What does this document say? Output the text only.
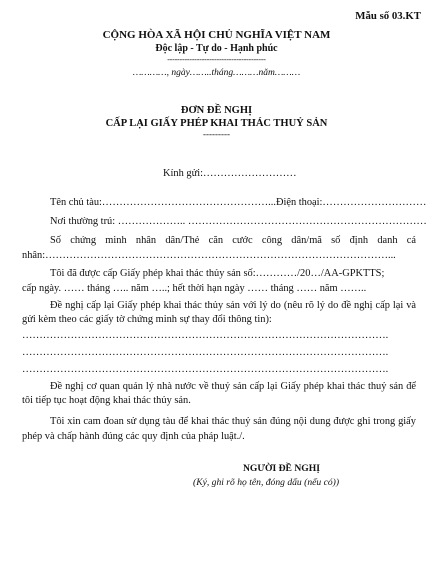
Mẫu số 03.KT
CỘNG HÒA XÃ HỘI CHỦ NGHĨA VIỆT NAM
Độc lập - Tự do - Hạnh phúc
----------------------------------------
…………, ngày……..tháng………năm………
ĐƠN ĐỀ NGHỊ
CẤP LẠI GIẤY PHÉP KHAI THÁC THUỶ SẢN
---------
Kính gửi:………………………
Tên chủ tàu:…………………………………………...Điện thoại:…………………………
Nơi thường trú: ……………….. ……………………………………………………………
Số chứng minh nhân dân/Thẻ căn cước công dân/mã số định danh cá
nhân:………………………………………………………………………………………...
Tôi đã được cấp Giấy phép khai thác thủy sản số:…………/20…/AA-GPKTTS;
cấp ngày. …… tháng ….. năm …..; hết thời hạn ngày …… tháng …… năm ……..
Đề nghị cấp lại Giấy phép khai thác thủy sản với lý do (nêu rõ lý do đề nghị cấp lại và gửi kèm theo các giấy tờ chứng minh sự thay đổi thông tin):
…………………………………………………………………………………………….
…………………………………………………………………………………………….
…………………………………………………………………………………………….
Đề nghị cơ quan quản lý nhà nước về thuỷ sản cấp lại Giấy phép khai thác thuỷ sản để tôi tiếp tục hoạt động khai thác thủy sản.
Tôi xin cam đoan sử dụng tàu để khai thác thuỷ sản đúng nội dung được ghi trong giấy phép và chấp hành đúng các quy định của pháp luật./.
NGƯỜI ĐỀ NGHỊ
(Ký, ghi rõ họ tên, đóng dấu (nếu có))
